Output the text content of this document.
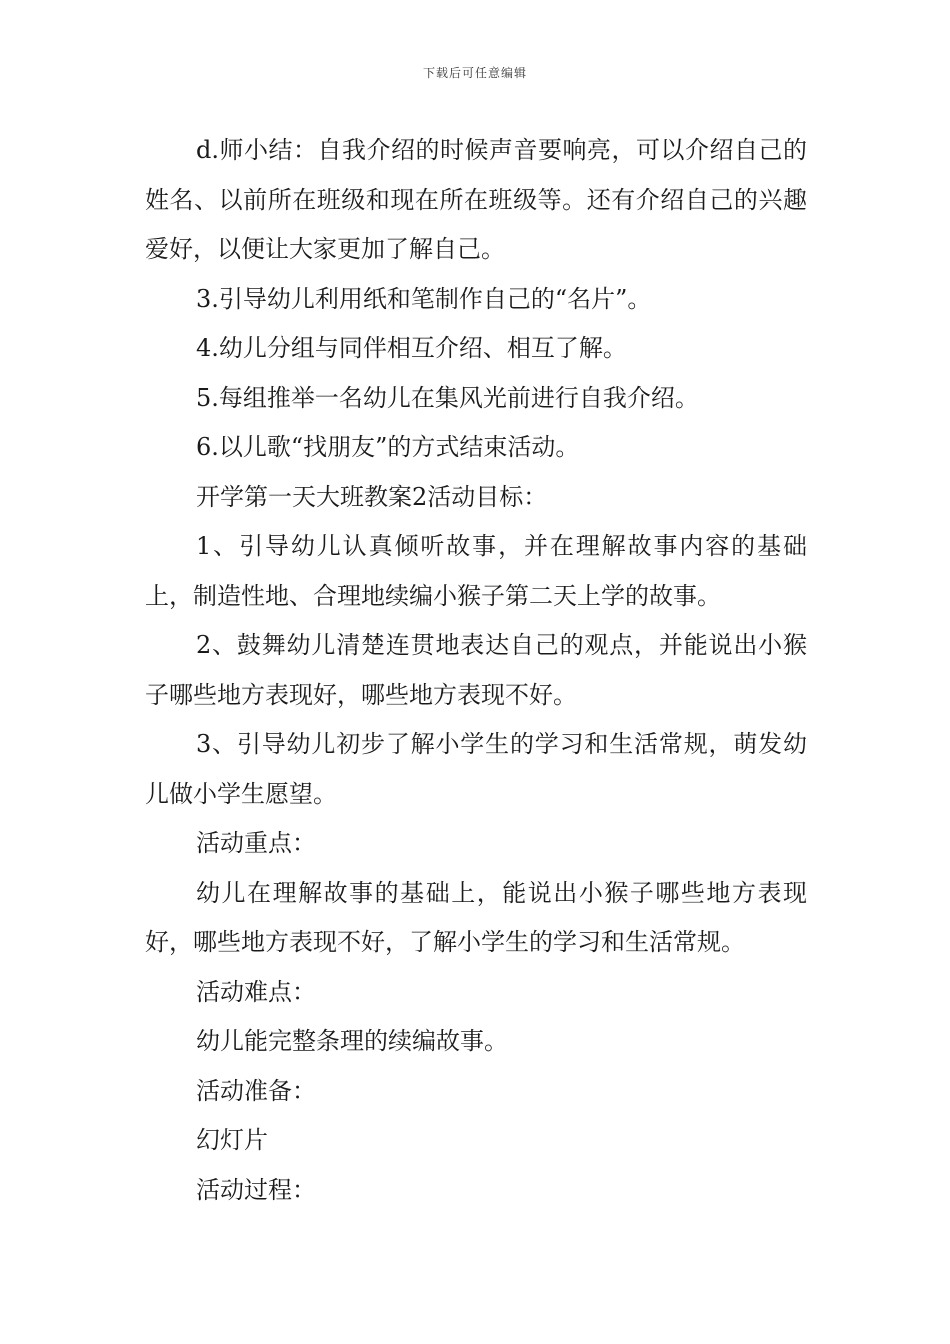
下载后可任意编辑

d.师小结：自我介绍的时候声音要响亮，可以介绍自己的姓名、以前所在班级和现在所在班级等。还有介绍自己的兴趣爱好，以便让大家更加了解自己。

3.引导幼儿利用纸和笔制作自己的“名片”。

4.幼儿分组与同伴相互介绍、相互了解。

5.每组推举一名幼儿在集风光前进行自我介绍。

6.以儿歌“找朋友”的方式结束活动。

开学第一天大班教案2活动目标：

1、引导幼儿认真倾听故事，并在理解故事内容的基础上，制造性地、合理地续编小猴子第二天上学的故事。

2、鼓舞幼儿清楚连贯地表达自己的观点，并能说出小猴子哪些地方表现好，哪些地方表现不好。

3、引导幼儿初步了解小学生的学习和生活常规，萌发幼儿做小学生愿望。

活动重点：

幼儿在理解故事的基础上，能说出小猴子哪些地方表现好，哪些地方表现不好，了解小学生的学习和生活常规。

活动难点：

幼儿能完整条理的续编故事。

活动准备：

幻灯片

活动过程：
